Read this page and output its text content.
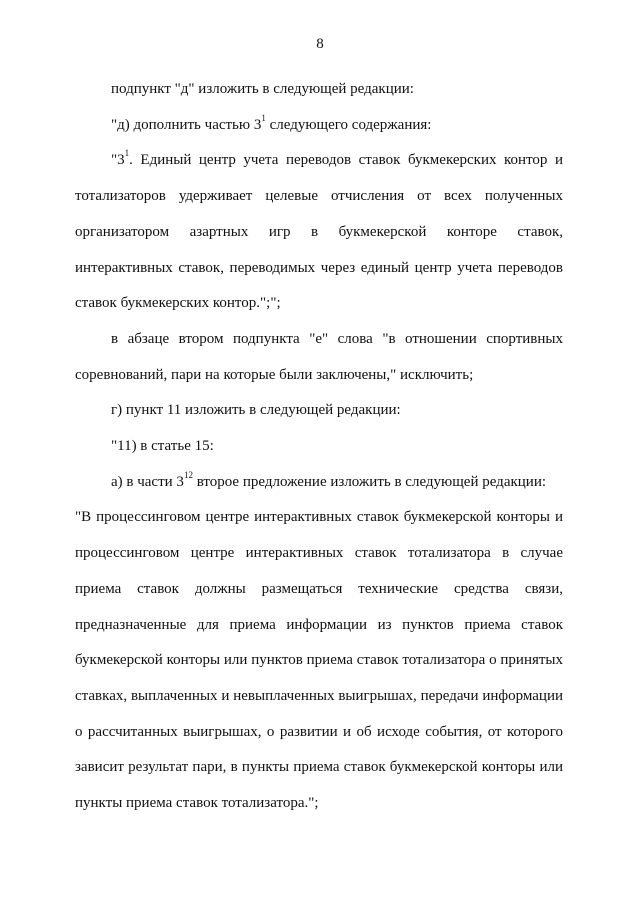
8

подпункт "д" изложить в следующей редакции:

"д) дополнить частью $3^1$ следующего содержания:

"$3^1$. Единый центр учета переводов ставок букмекерских контор и тотализаторов удерживает целевые отчисления от всех полученных организатором азартных игр в букмекерской конторе ставок, интерактивных ставок, переводимых через единый центр учета переводов ставок букмекерских контор.";";

в абзаце втором подпункта "е" слова "в отношении спортивных соревнований, пари на которые были заключены," исключить;

г) пункт 11 изложить в следующей редакции:

"11) в статье 15:

а) в части $3^{12}$ второе предложение изложить в следующей редакции:

"В процессинговом центре интерактивных ставок букмекерской конторы и процессинговом центре интерактивных ставок тотализатора в случае приема ставок должны размещаться технические средства связи, предназначенные для приема информации из пунктов приема ставок букмекерской конторы или пунктов приема ставок тотализатора о принятых ставках, выплаченных и невыплаченных выигрышах, передачи информации о рассчитанных выигрышах, о развитии и об исходе события, от которого зависит результат пари, в пункты приема ставок букмекерской конторы или пункты приема ставок тотализатора.";
